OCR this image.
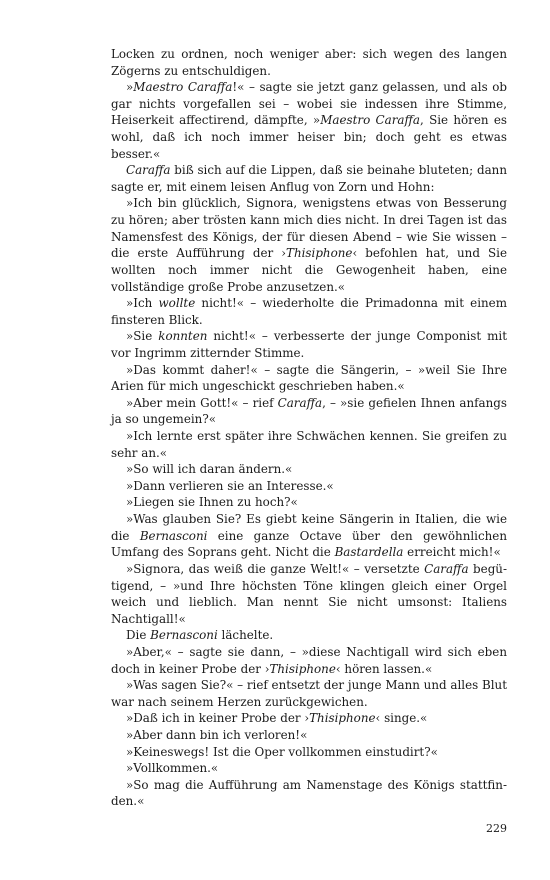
Locken zu ordnen, noch weniger aber: sich wegen des langen Zögerns zu entschuldigen.

»Maestro Caraffa!« – sagte sie jetzt ganz gelassen, und als ob gar nichts vorgefallen sei – wobei sie indessen ihre Stimme, Heiserkeit affectirend, dämpfte, »Maestro Caraffa, Sie hören es wohl, daß ich noch immer heiser bin; doch geht es etwas besser.«

Caraffa biß sich auf die Lippen, daß sie beinahe bluteten; dann sagte er, mit einem leisen Anflug von Zorn und Hohn:

»Ich bin glücklich, Signora, wenigstens etwas von Besserung zu hören; aber trösten kann mich dies nicht. In drei Tagen ist das Namensfest des Königs, der für diesen Abend – wie Sie wissen – die erste Aufführung der ›Thisiphone‹ befohlen hat, und Sie wollten noch immer nicht die Gewogenheit haben, eine vollständige große Probe anzusetzen.«

»Ich wollte nicht!« – wiederholte die Primadonna mit einem finsteren Blick.

»Sie konnten nicht!« – verbesserte der junge Componist mit vor Ingrimm zitternder Stimme.

»Das kommt daher!« – sagte die Sängerin, – »weil Sie Ihre Arien für mich ungeschickt geschrieben haben.«

»Aber mein Gott!« – rief Caraffa, – »sie gefielen Ihnen anfangs ja so ungemein?«

»Ich lernte erst später ihre Schwächen kennen. Sie greifen zu sehr an.«

»So will ich daran ändern.«

»Dann verlieren sie an Interesse.«

»Liegen sie Ihnen zu hoch?«

»Was glauben Sie? Es giebt keine Sängerin in Italien, die wie die Bernasconi eine ganze Octave über den gewöhnlichen Umfang des Soprans geht. Nicht die Bastardella erreicht mich!«

»Signora, das weiß die ganze Welt!« – versetzte Caraffa begütigend, – »und Ihre höchsten Töne klingen gleich einer Orgel weich und lieblich. Man nennt Sie nicht umsonst: Italiens Nachtigall!«

Die Bernasconi lächelte.

»Aber,« – sagte sie dann, – »diese Nachtigall wird sich eben doch in keiner Probe der ›Thisiphone‹ hören lassen.«

»Was sagen Sie?« – rief entsetzt der junge Mann und alles Blut war nach seinem Herzen zurückgewichen.

»Daß ich in keiner Probe der ›Thisiphone‹ singe.«

»Aber dann bin ich verloren!«

»Keineswegs! Ist die Oper vollkommen einstudirt?«

»Vollkommen.«

»So mag die Aufführung am Namenstage des Königs stattfinden.«

229
